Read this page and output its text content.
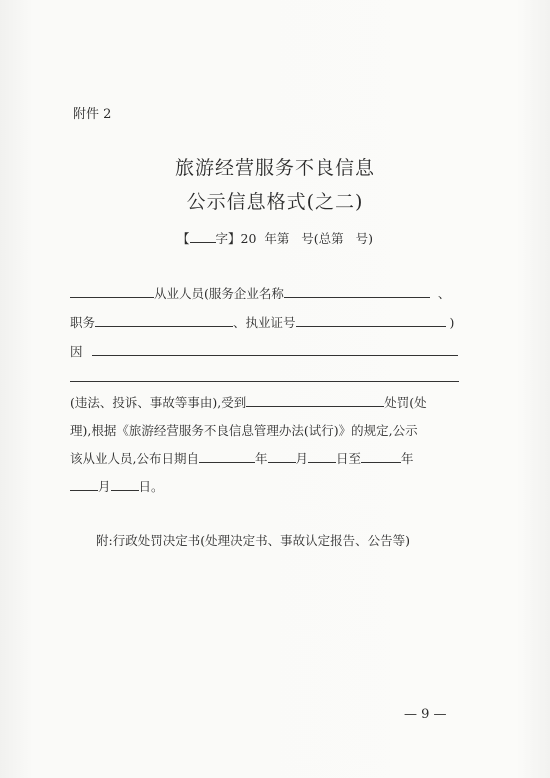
附件 2
旅游经营服务不良信息
公示信息格式(之二)
【 字】20 年第 号(总第 号)
从业人员(服务企业名称	、
职务	、执业证号	)
因
(违法、投诉、事故等事由),受到	处罚(处
理),根据《旅游经营服务不良信息管理办法(试行)》的规定,公示
该从业人员,公布日期自	年 月 日至	年
月 日。
附:行政处罚决定书(处理决定书、事故认定报告、公告等)
— 9 —
